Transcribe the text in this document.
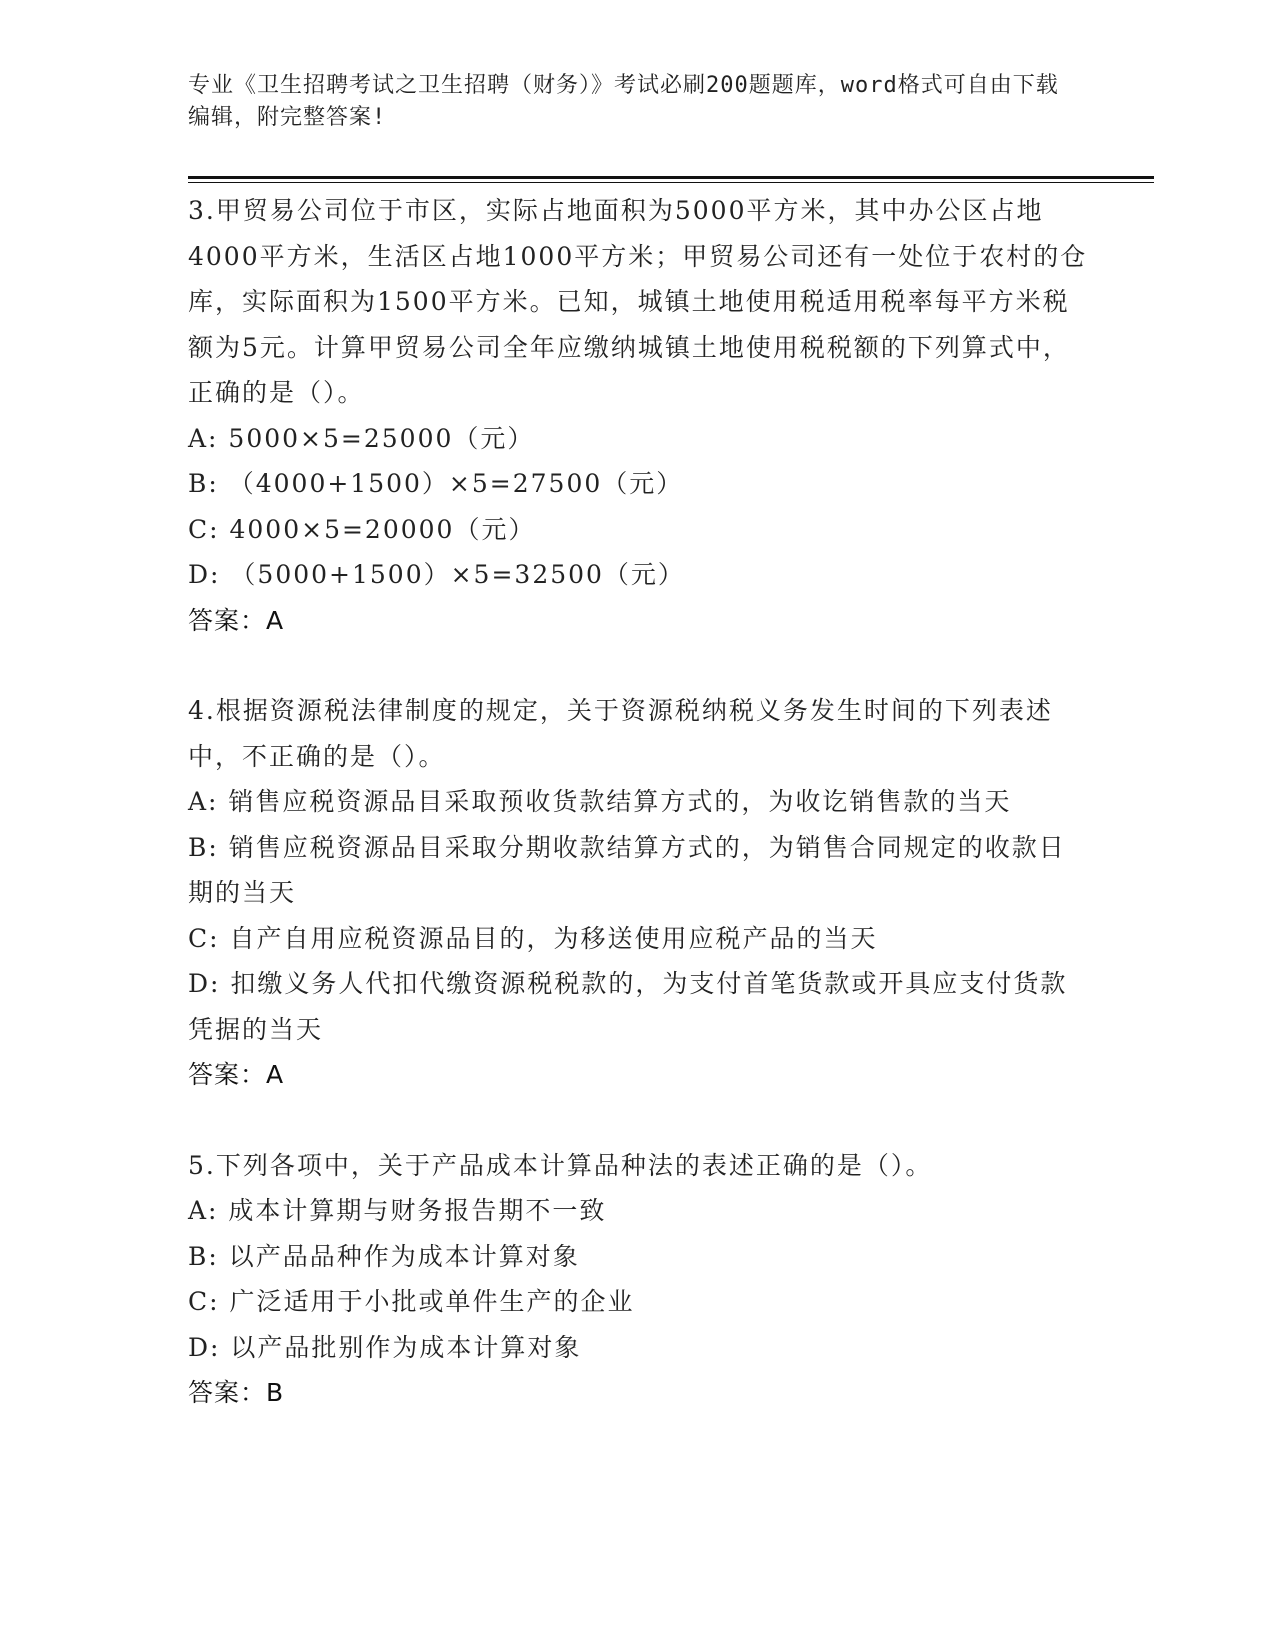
专业《卫生招聘考试之卫生招聘（财务）》考试必刷200题题库，word格式可自由下载编辑，附完整答案!

3.甲贸易公司位于市区，实际占地面积为5000平方米，其中办公区占地4000平方米，生活区占地1000平方米；甲贸易公司还有一处位于农村的仓库，实际面积为1500平方米。已知，城镇土地使用税适用税率每平方米税额为5元。计算甲贸易公司全年应缴纳城镇土地使用税税额的下列算式中，正确的是（）。

A: 5000×5=25000（元）

B: （4000+1500）×5=27500（元）

C: 4000×5=20000（元）

D: （5000+1500）×5=32500（元）

答案：A

4.根据资源税法律制度的规定，关于资源税纳税义务发生时间的下列表述中，不正确的是（）。

A: 销售应税资源品目采取预收货款结算方式的，为收讫销售款的当天

B: 销售应税资源品目采取分期收款结算方式的，为销售合同规定的收款日期的当天

C: 自产自用应税资源品目的，为移送使用应税产品的当天

D: 扣缴义务人代扣代缴资源税税款的，为支付首笔货款或开具应支付货款凭据的当天

答案：A

5.下列各项中，关于产品成本计算品种法的表述正确的是（）。

A: 成本计算期与财务报告期不一致

B: 以产品品种作为成本计算对象

C: 广泛适用于小批或单件生产的企业

D: 以产品批别作为成本计算对象

答案：B
